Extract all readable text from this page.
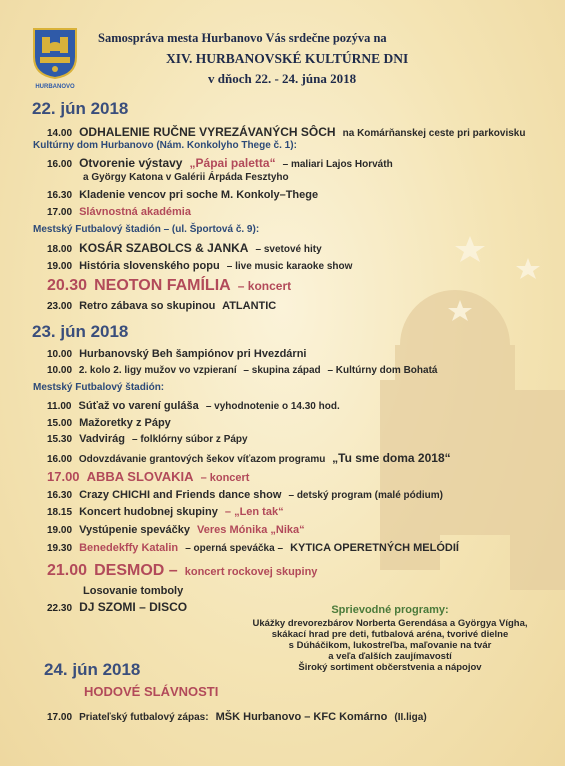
HURBANOVO
Samospráva mesta Hurbanovo Vás srdečne pozýva na
XIV. HURBANOVSKÉ KULTÚRNE DNI
v dňoch 22. - 24. júna 2018
22. jún 2018
14.00 ODHALENIE RUČNE VYREZÁVANÝCH SÔCH na Komárňanskej ceste pri parkovisku
Kultúrny dom Hurbanovo (Nám. Konkolyho Thege č. 1):
16.00 Otvorenie výstavy „Pápai paletta“ – maliari Lajos Horváth
a György Katona v Galérii Árpáda Fesztyho
16.30 Kladenie vencov pri soche M. Konkoly–Thege
17.00 Slávnostná akadémia
Mestský Futbalový štadión – (ul. Športová č. 9):
18.00 KOSÁR SZABOLCS & JANKA – svetové hity
19.00 História slovenského popu – live music karaoke show
20.30 NEOTON FAMÍLIA – koncert
23.00 Retro zábava so skupinou ATLANTIC
23. jún 2018
10.00 Hurbanovský Beh šampiónov pri Hvezdárni
10.00 2. kolo 2. ligy mužov vo vzpieraní – skupina západ – Kultúrny dom Bohatá
Mestský Futbalový štadión:
11.00 Súťaž vo varení guláša – vyhodnotenie o 14.30 hod.
15.00 Mažoretky z Pápy
15.30 Vadvirág – folklórny súbor z Pápy
16.00 Odovzdávanie grantových šekov víťazom programu „Tu sme doma 2018“
17.00 ABBA SLOVAKIA – koncert
16.30 Crazy CHICHI and Friends dance show – detský program (malé pódium)
18.15 Koncert hudobnej skupiny – „Len tak“
19.00 Vystúpenie speváčky Veres Mónika „Nika“
19.30 Benedekffy Katalin – operná speváčka – KYTICA OPERETNÝCH MELÓDIÍ
21.00 DESMOD – koncert rockovej skupiny
Losovanie tomboly
22.30 DJ SZOMI – DISCO	Sprievodné programy:
Ukážky drevorezbárov Norberta Gerendása a Györgya Vígha,
skákací hrad pre deti, futbalová aréna, tvorivé dielne
s Dúháčikom, lukostreľba, maľovanie na tvár
a veľa ďalších zaujímavostí
Široký sortiment občerstvenia a nápojov
24. jún 2018
HODOVÉ SLÁVNOSTI
17.00 Priateľský futbalový zápas: MŠK Hurbanovo – KFC Komárno (II.liga)
